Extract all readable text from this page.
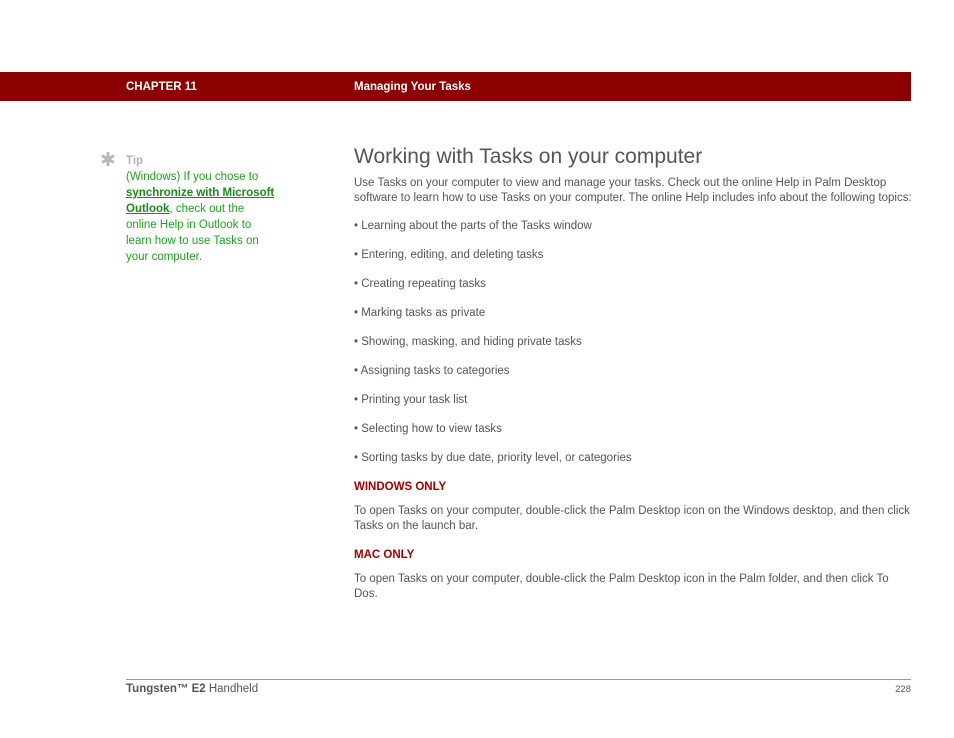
CHAPTER 11	Managing Your Tasks
✱ Tip
(Windows) If you chose to synchronize with Microsoft Outlook, check out the online Help in Outlook to learn how to use Tasks on your computer.
Working with Tasks on your computer

Use Tasks on your computer to view and manage your tasks. Check out the online Help in Palm Desktop software to learn how to use Tasks on your computer. The online Help includes info about the following topics:

• Learning about the parts of the Tasks window
• Entering, editing, and deleting tasks
• Creating repeating tasks
• Marking tasks as private
• Showing, masking, and hiding private tasks
• Assigning tasks to categories
• Printing your task list
• Selecting how to view tasks
• Sorting tasks by due date, priority level, or categories
WINDOWS ONLY

To open Tasks on your computer, double-click the Palm Desktop icon on the Windows desktop, and then click Tasks on the launch bar.

MAC ONLY

To open Tasks on your computer, double-click the Palm Desktop icon in the Palm folder, and then click To Dos.

Tungsten™ E2 Handheld	228
